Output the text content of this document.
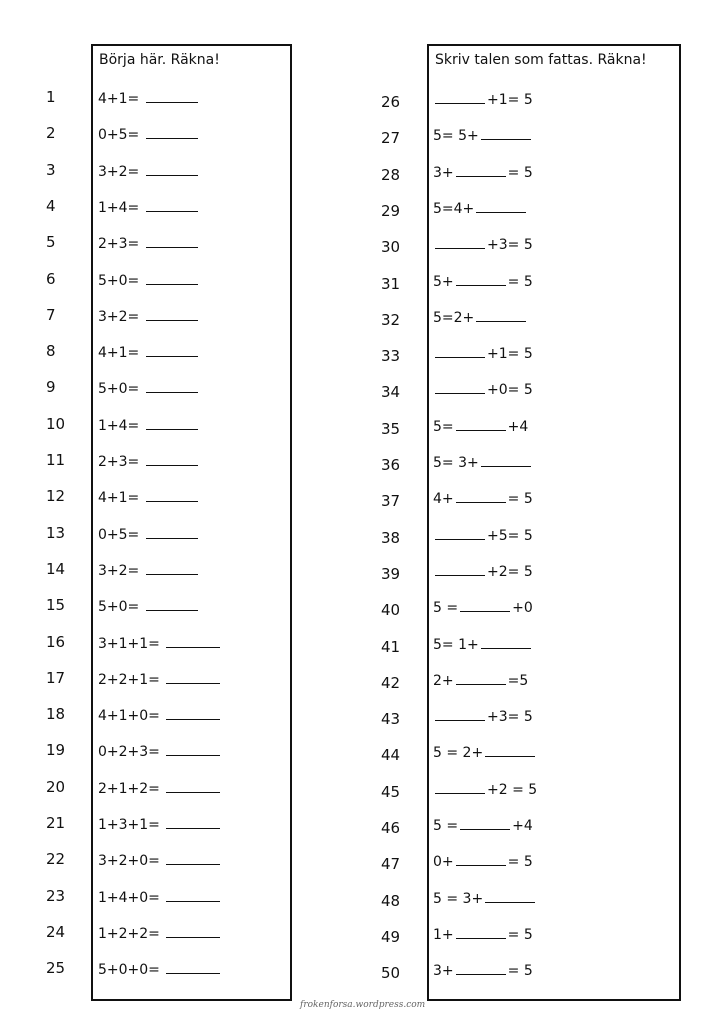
Börja här. Räkna!	Skriv talen som fattas. Räkna!
1	4+1=
2	0+5=
3	3+2=
4	1+4=
5	2+3=
6	5+0=
7	3+2=
8	4+1=
9	5+0=
10 1+4=
11 2+3=
12 4+1=
13 0+5=
14 3+2=
15 5+0=
16 3+1+1=
17 2+2+1=
18 4+1+0=
19 0+2+3=
20 2+1+2=
21 1+3+1=
22 3+2+0=
23 1+4+0=
24 1+2+2=
25 5+0+0=
26	+1= 5
27 5= 5+
28 3+	= 5
29 5=4+
30	+3= 5
31 5+	= 5
32 5=2+
33	+1= 5
34	+0= 5
35 5=	+4
36 5= 3+
37 4+	= 5
38	+5= 5
39	+2= 5
40 5 =	+0
41 5= 1+
42 2+	=5
43	+3= 5
44 5 = 2+
45	+2 = 5
46 5 =	+4
47 0+	= 5
48 5 = 3+
49 1+	= 5
50 3+	= 5
frokenforsa.wordpress.com
